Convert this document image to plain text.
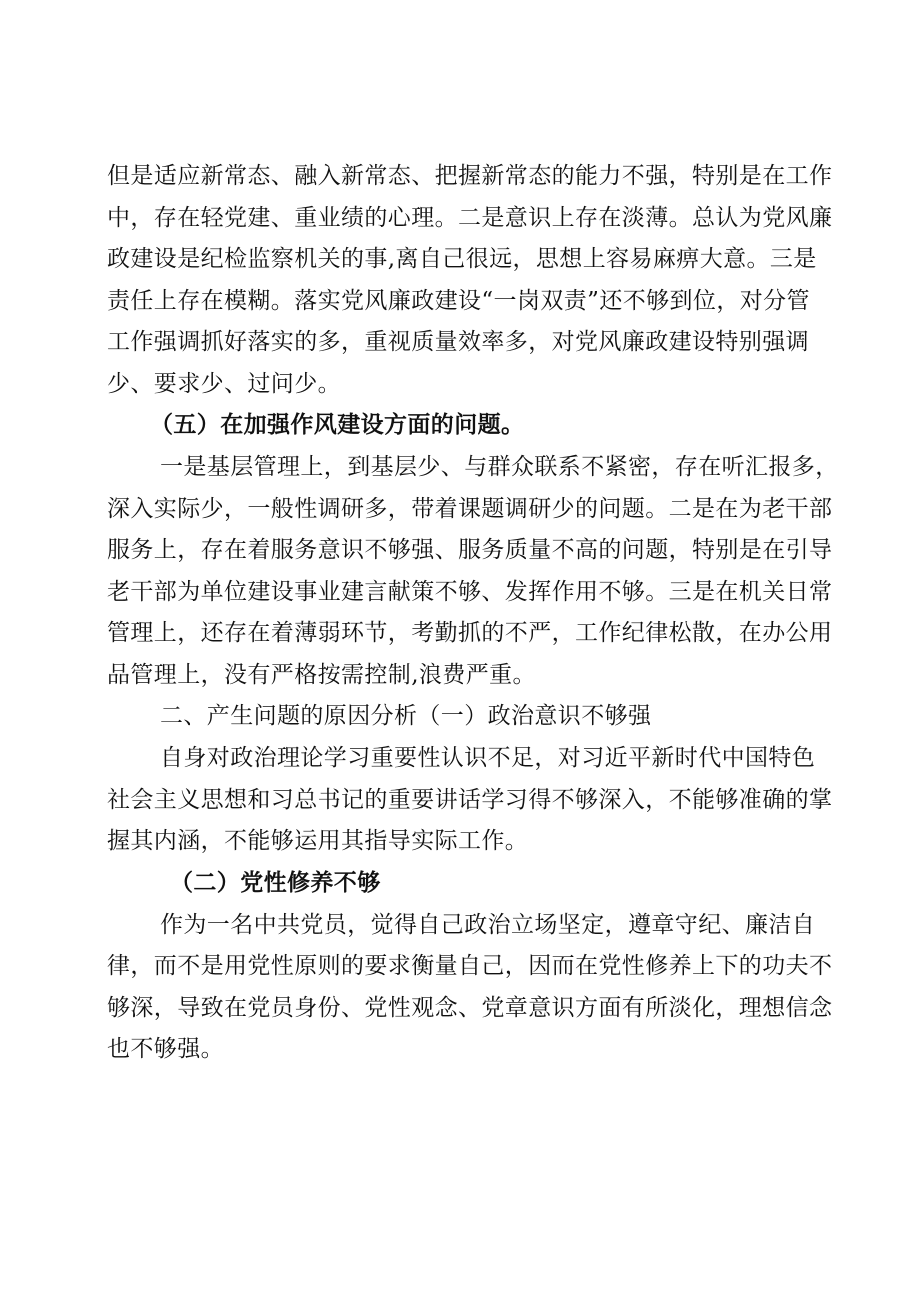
但是适应新常态、融入新常态、把握新常态的能力不强，特别是在工作
中，存在轻党建、重业绩的心理。二是意识上存在淡薄。总认为党风廉
政建设是纪检监察机关的事,离自己很远，思想上容易麻痹大意。三是
责任上存在模糊。落实党风廉政建设“一岗双责”还不够到位，对分管
工作强调抓好落实的多，重视质量效率多，对党风廉政建设特别强调
少、要求少、过问少。
（五）在加强作风建设方面的问题。
一是基层管理上，到基层少、与群众联系不紧密，存在听汇报多，
深入实际少，一般性调研多，带着课题调研少的问题。二是在为老干部
服务上，存在着服务意识不够强、服务质量不高的问题，特别是在引导
老干部为单位建设事业建言献策不够、发挥作用不够。三是在机关日常
管理上，还存在着薄弱环节，考勤抓的不严，工作纪律松散，在办公用
品管理上，没有严格按需控制,浪费严重。
二、产生问题的原因分析（一）政治意识不够强
自身对政治理论学习重要性认识不足，对习近平新时代中国特色
社会主义思想和习总书记的重要讲话学习得不够深入，不能够准确的掌
握其内涵，不能够运用其指导实际工作。
（二）党性修养不够
作为一名中共党员，觉得自己政治立场坚定，遵章守纪、廉洁自
律，而不是用党性原则的要求衡量自己，因而在党性修养上下的功夫不
够深，导致在党员身份、党性观念、党章意识方面有所淡化，理想信念
也不够强。
